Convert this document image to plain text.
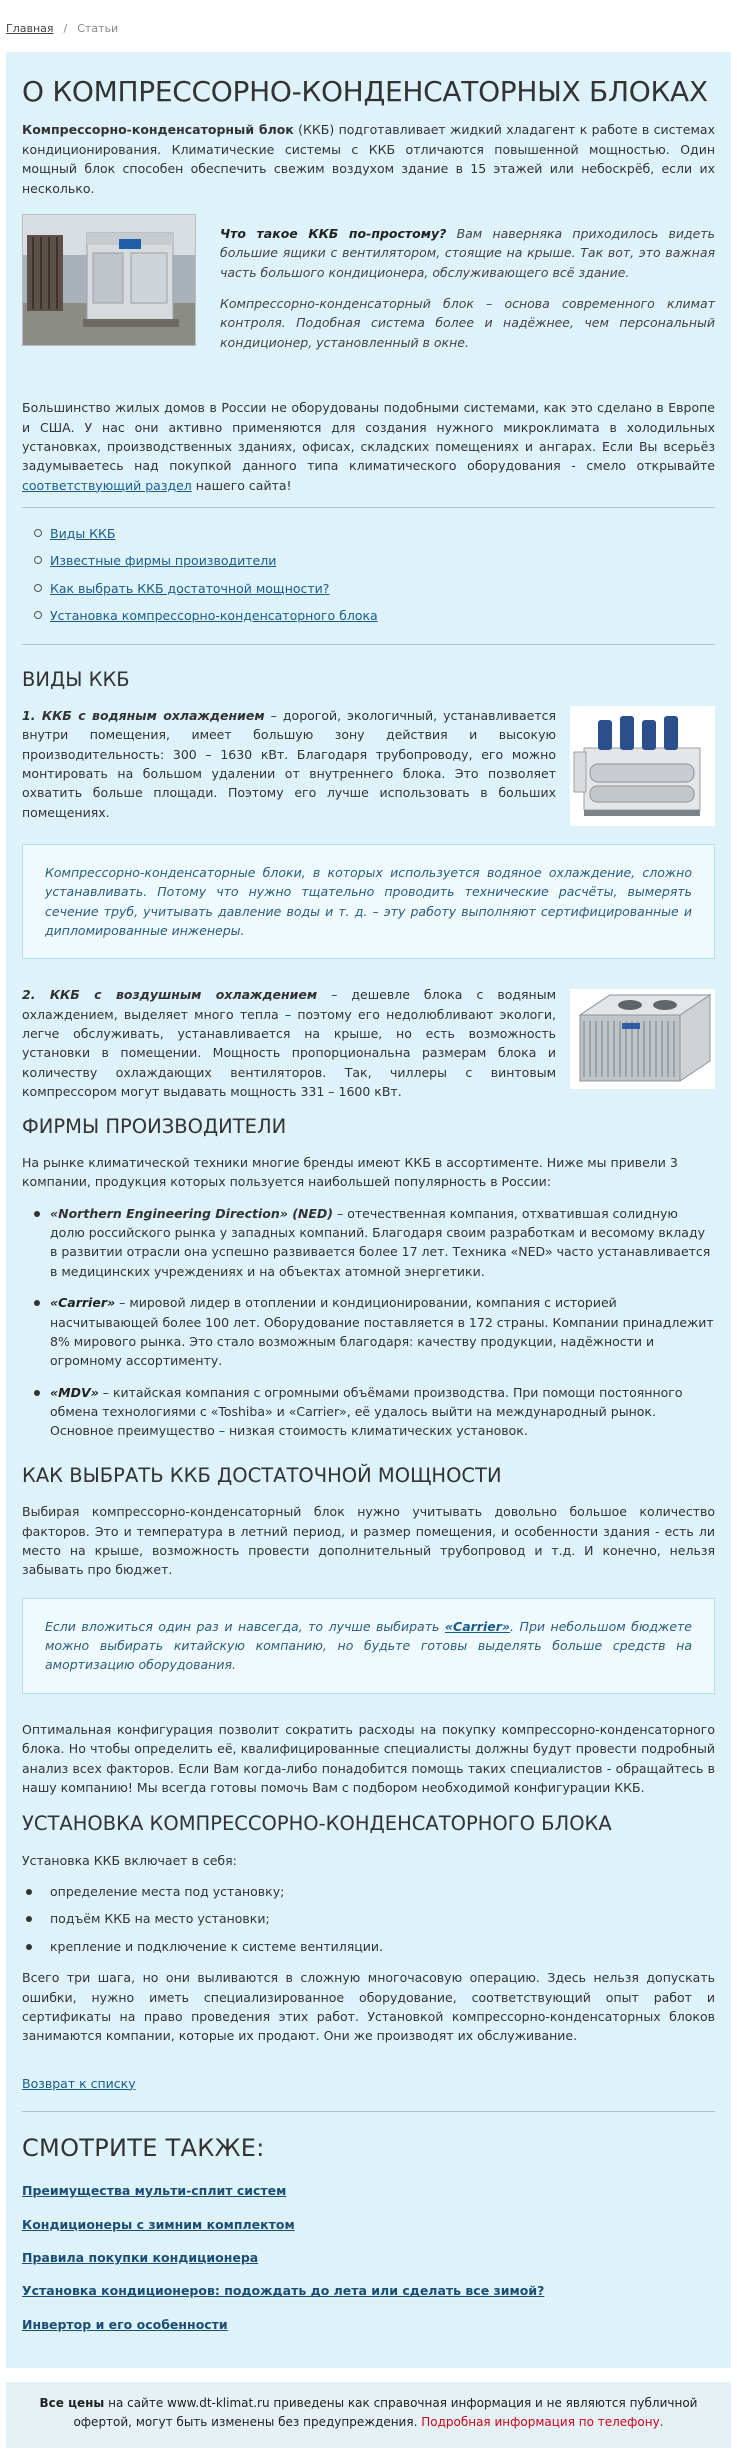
Главная / Статьи
О КОМПРЕССОРНО-КОНДЕНСАТОРНЫХ БЛОКАХ

Компрессорно-конденсаторный блок (ККБ) подготавливает жидкий хладагент к работе в системах кондиционирования. Климатические системы с ККБ отличаются повышенной мощностью. Один мощный блок способен обеспечить свежим воздухом здание в 15 этажей или небоскрёб, если их несколько.

Что такое ККБ по-простому? Вам наверняка приходилось видеть большие ящики с вентилятором, стоящие на крыше. Так вот, это важная часть большого кондиционера, обслуживающего всё здание.

Компрессорно-конденсаторный блок – основа современного климат контроля. Подобная система более и надёжнее, чем персональный кондиционер, установленный в окне.

Большинство жилых домов в России не оборудованы подобными системами, как это сделано в Европе и США. У нас они активно применяются для создания нужного микроклимата в холодильных установках, производственных зданиях, офисах, складских помещениях и ангарах. Если Вы всерьёз задумываетесь над покупкой данного типа климатического оборудования - смело открывайте соответствующий раздел нашего сайта!

Виды ККБ
Известные фирмы производители
Как выбрать ККБ достаточной мощности?
Установка компрессорно-конденсаторного блока
ВИДЫ ККБ
1. ККБ с водяным охлаждением – дорогой, экологичный, устанавливается внутри помещения, имеет большую зону действия и высокую производительность: 300 – 1630 кВт. Благодаря трубопроводу, его можно монтировать на большом удалении от внутреннего блока. Это позволяет охватить больше площади. Поэтому его лучше использовать в больших помещениях.
Компрессорно-конденсаторные блоки, в которых используется водяное охлаждение, сложно устанавливать. Потому что нужно тщательно проводить технические расчёты, вымерять сечение труб, учитывать давление воды и т. д. – эту работу выполняют сертифицированные и дипломированные инженеры.
2. ККБ с воздушным охлаждением – дешевле блока с водяным охлаждением, выделяет много тепла – поэтому его недолюбливают экологи, легче обслуживать, устанавливается на крыше, но есть возможность установки в помещении. Мощность пропорциональна размерам блока и количеству охлаждающих вентиляторов. Так, чиллеры с винтовым компрессором могут выдавать мощность 331 – 1600 кВт.
ФИРМЫ ПРОИЗВОДИТЕЛИ

На рынке климатической техники многие бренды имеют ККБ в ассортименте. Ниже мы привели 3 компании, продукция которых пользуется наибольшей популярность в России:

«Northern Engineering Direction» (NED) – отечественная компания, отхватившая солидную долю российского рынка у западных компаний. Благодаря своим разработкам и весомому вкладу в развитии отрасли она успешно развивается более 17 лет. Техника «NED» часто устанавливается в медицинских учреждениях и на объектах атомной энергетики.
«Carrier» – мировой лидер в отоплении и кондиционировании, компания с историей насчитывающей более 100 лет. Оборудование поставляется в 172 страны. Компании принадлежит 8% мирового рынка. Это стало возможным благодаря: качеству продукции, надёжности и огромному ассортименту.
«MDV» – китайская компания с огромными объёмами производства. При помощи постоянного обмена технологиями с «Toshiba» и «Carrier», её удалось выйти на международный рынок. Основное преимущество – низкая стоимость климатических установок.
КАК ВЫБРАТЬ ККБ ДОСТАТОЧНОЙ МОЩНОСТИ

Выбирая компрессорно-конденсаторный блок нужно учитывать довольно большое количество факторов. Это и температура в летний период, и размер помещения, и особенности здания - есть ли место на крыше, возможность провести дополнительный трубопровод и т.д. И конечно, нельзя забывать про бюджет.

Если вложиться один раз и навсегда, то лучше выбирать «Carrier». При небольшом бюджете можно выбирать китайскую компанию, но будьте готовы выделять больше средств на амортизацию оборудования.

Оптимальная конфигурация позволит сократить расходы на покупку компрессорно-конденсаторного блока. Но чтобы определить её, квалифицированные специалисты должны будут провести подробный анализ всех факторов. Если Вам когда-либо понадобится помощь таких специалистов - обращайтесь в нашу компанию! Мы всегда готовы помочь Вам с подбором необходимой конфигурации ККБ.

УСТАНОВКА КОМПРЕССОРНО-КОНДЕНСАТОРНОГО БЛОКА

Установка ККБ включает в себя:

определение места под установку;
подъём ККБ на место установки;
крепление и подключение к системе вентиляции.

Всего три шага, но они выливаются в сложную многочасовую операцию. Здесь нельзя допускать ошибки, нужно иметь специализированное оборудование, соответствующий опыт работ и сертификаты на право проведения этих работ. Установкой компрессорно-конденсаторных блоков занимаются компании, которые их продают. Они же производят их обслуживание.

Возврат к списку
СМОТРИТЕ ТАКЖЕ:
Преимущества мульти-сплит систем
Кондиционеры с зимним комплектом
Правила покупки кондиционера
Установка кондиционеров: подождать до лета или сделать все зимой?
Инвертор и его особенности
Все цены на сайте www.dt-klimat.ru приведены как справочная информация и не являются публичной офертой, могут быть изменены без предупреждения. Подробная информация по телефону.
